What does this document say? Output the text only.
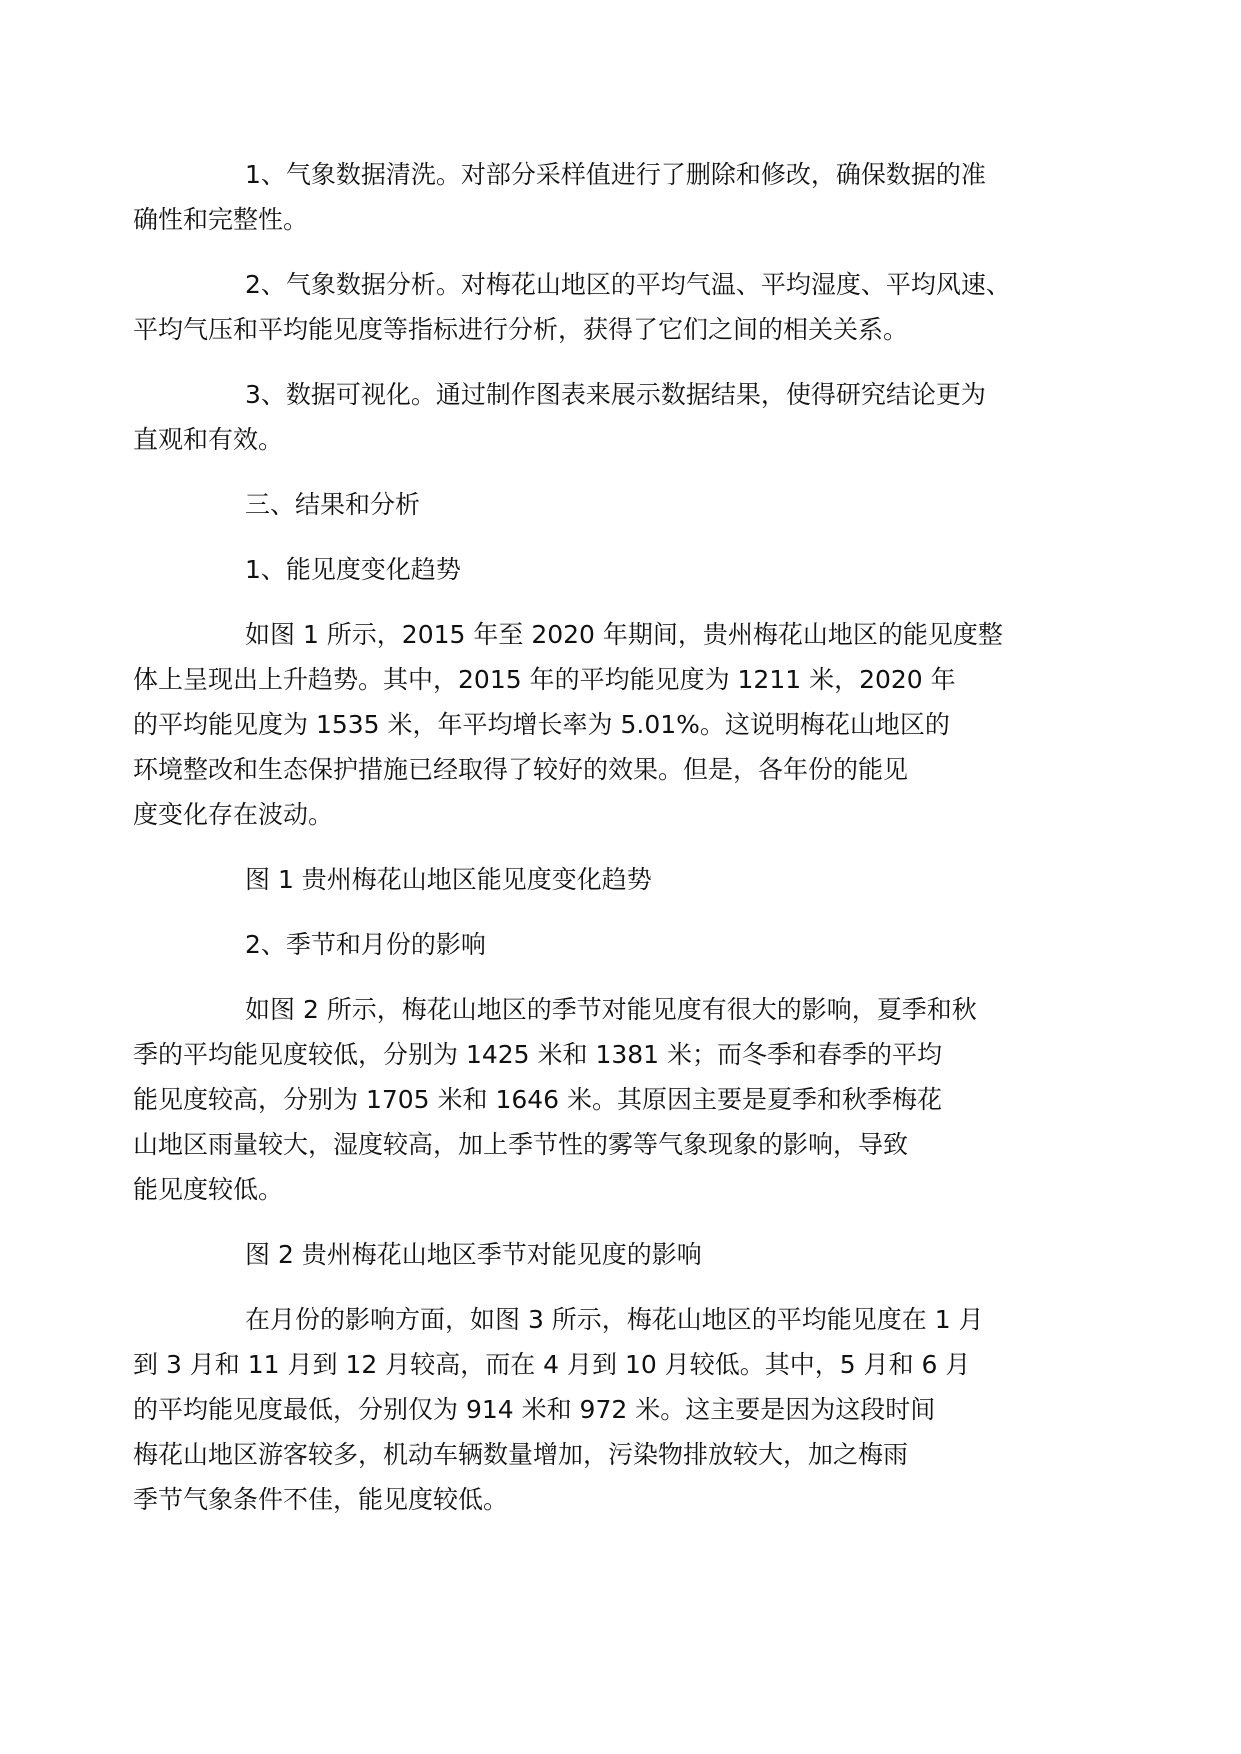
1、气象数据清洗。对部分采样值进行了删除和修改，确保数据的准
确性和完整性。

2、气象数据分析。对梅花山地区的平均气温、平均湿度、平均风速、
平均气压和平均能见度等指标进行分析，获得了它们之间的相关关系。

3、数据可视化。通过制作图表来展示数据结果，使得研究结论更为
直观和有效。

三、结果和分析

1、能见度变化趋势

如图 1 所示，2015 年至 2020 年期间，贵州梅花山地区的能见度整
体上呈现出上升趋势。其中，2015 年的平均能见度为 1211 米，2020 年
的平均能见度为 1535 米，年平均增长率为 5.01%。这说明梅花山地区的
环境整改和生态保护措施已经取得了较好的效果。但是，各年份的能见
度变化存在波动。

图 1 贵州梅花山地区能见度变化趋势

2、季节和月份的影响

如图 2 所示，梅花山地区的季节对能见度有很大的影响，夏季和秋
季的平均能见度较低，分别为 1425 米和 1381 米；而冬季和春季的平均
能见度较高，分别为 1705 米和 1646 米。其原因主要是夏季和秋季梅花
山地区雨量较大，湿度较高，加上季节性的雾等气象现象的影响，导致
能见度较低。

图 2 贵州梅花山地区季节对能见度的影响

在月份的影响方面，如图 3 所示，梅花山地区的平均能见度在 1 月
到 3 月和 11 月到 12 月较高，而在 4 月到 10 月较低。其中，5 月和 6 月
的平均能见度最低，分别仅为 914 米和 972 米。这主要是因为这段时间
梅花山地区游客较多，机动车辆数量增加，污染物排放较大，加之梅雨
季节气象条件不佳，能见度较低。
